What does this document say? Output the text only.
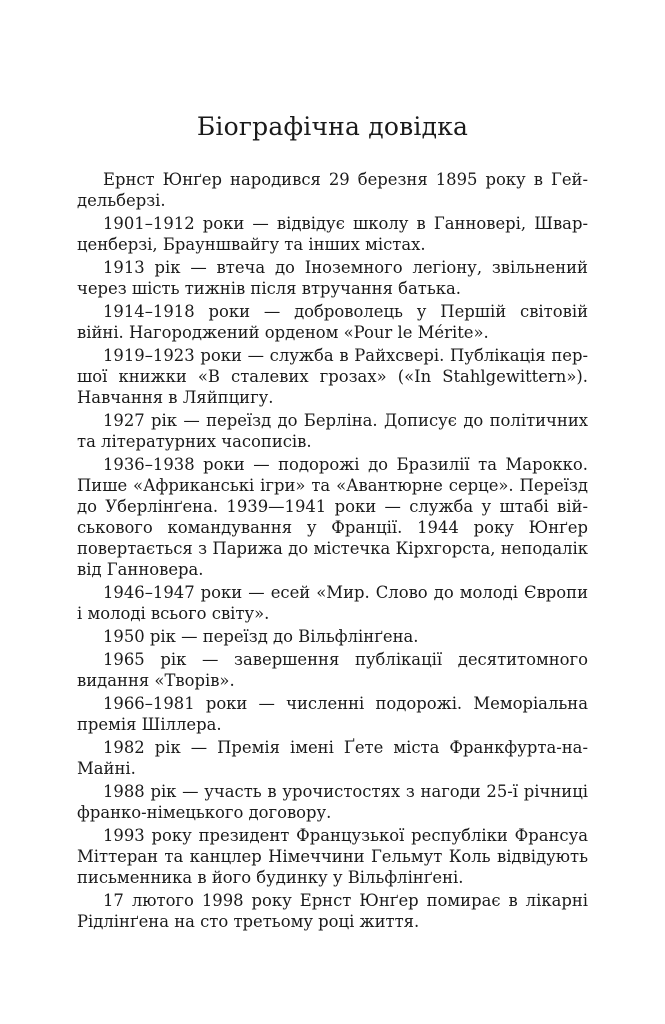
Біографічна довідка

Ернст Юнґер народився 29 березня 1895 року в Гейдельберзі.

1901–1912 роки — відвідує школу в Ганновері, Шварценберзі, Брауншвайгу та інших містах.

1913 рік — втеча до Іноземного легіону, звільнений через шість тижнів після втручання батька.

1914–1918 роки — доброволець у Першій світовій війні. Нагороджений орденом «Pour le Mérite».

1919–1923 роки — служба в Райхсвері. Публікація першої книжки «В сталевих грозах» («In Stahlgewittern»). Навчання в Ляйпцигу.

1927 рік — переїзд до Берліна. Дописує до політичних та літературних часописів.

1936–1938 роки — подорожі до Бразилії та Марокко. Пише «Африканські ігри» та «Авантюрне серце». Переїзд до Уберлінґена. 1939—1941 роки — служба у штабі військового командування у Франції. 1944 року Юнґер повертається з Парижа до містечка Кірхгорста, неподалік від Ганновера.

1946–1947 роки — есей «Мир. Слово до молоді Європи і молоді всього світу».

1950 рік — переїзд до Вільфлінґена.

1965 рік — завершення публікації десятитомного видання «Творів».

1966–1981 роки — численні подорожі. Меморіальна премія Шіллера.

1982 рік — Премія імені Ґете міста Франкфурта-на-Майні.

1988 рік — участь в урочистостях з нагоди 25-ї річниці франко-німецького договору.

1993 року президент Французької республіки Франсуа Міттеран та канцлер Німеччини Гельмут Коль відвідують письменника в його будинку у Вільфлінґені.

17 лютого 1998 року Ернст Юнґер помирає в лікарні Рідлінґена на сто третьому році життя.
